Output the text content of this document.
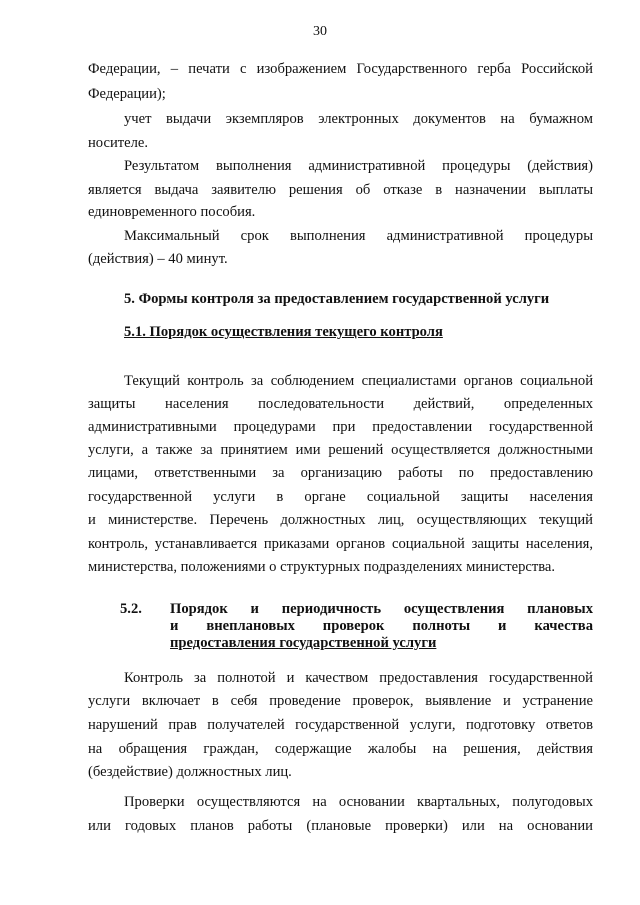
30
Федерации, – печати с изображением Государственного герба Российской
Федерации);
учет выдачи экземпляров электронных документов на бумажном
носителе.
Результатом выполнения административной процедуры (действия)
является выдача заявителю решения об отказе в назначении выплаты
единовременного пособия.
Максимальный срок выполнения административной процедуры
(действия) – 40 минут.
5. Формы контроля за предоставлением государственной услуги
5.1. Порядок осуществления текущего контроля
Текущий контроль за соблюдением специалистами органов социальной
защиты населения последовательности действий, определенных
административными процедурами при предоставлении государственной
услуги, а также за принятием ими решений осуществляется должностными
лицами, ответственными за организацию работы по предоставлению
государственной услуги в органе социальной защиты населения
и министерстве. Перечень должностных лиц, осуществляющих текущий
контроль, устанавливается приказами органов социальной защиты населения,
министерства, положениями о структурных подразделениях министерства.
5.2. Порядок и периодичность осуществления плановых
и внеплановых проверок полноты и качества
предоставления государственной услуги
Контроль за полнотой и качеством предоставления государственной
услуги включает в себя проведение проверок, выявление и устранение
нарушений прав получателей государственной услуги, подготовку ответов
на обращения граждан, содержащие жалобы на решения, действия
(бездействие) должностных лиц.
Проверки осуществляются на основании квартальных, полугодовых
или годовых планов работы (плановые проверки) или на основании
